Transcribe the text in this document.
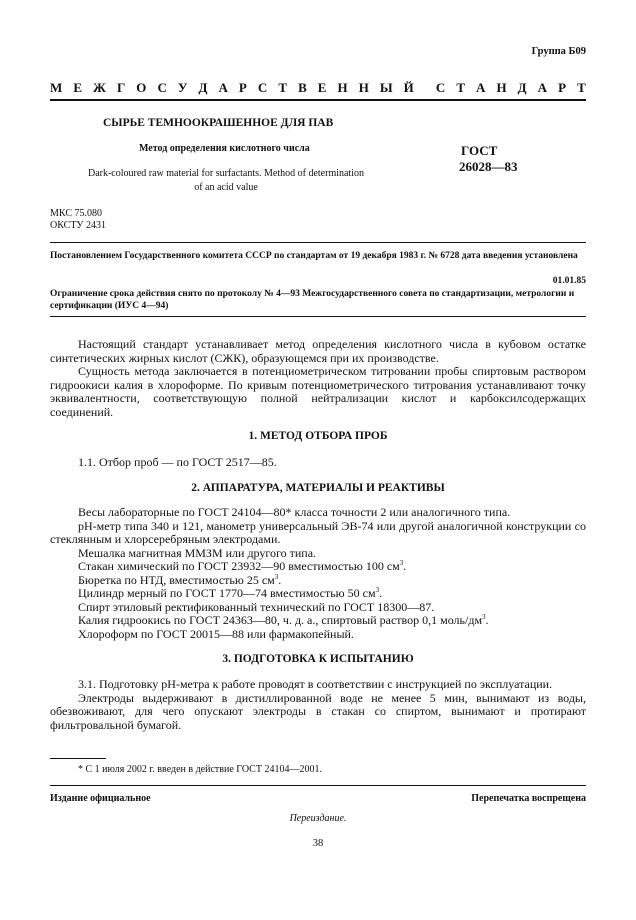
Группа Б09
М Е Ж Г О С У Д А Р С Т В Е Н Н Ы Й С Т А Н Д А Р Т
СЫРЬЕ ТЕМНООКРАШЕННОЕ ДЛЯ ПАВ
Метод определения кислотного числа
Dark-coloured raw material for surfactants. Method of determination
of an acid value
ГОСТ
26028—83
МКС 75.080
ОКСТУ 2431
Постановлением Государственного комитета СССР по стандартам от 19 декабря 1983 г. № 6728 дата введения установлена
01.01.85
Ограничение срока действия снято по протоколу № 4—93 Межгосударственного совета по стандартизации, метрологии и сертификации (ИУС 4—94)

Настоящий стандарт устанавливает метод определения кислотного числа в кубовом остатке синтетических жирных кислот (СЖК), образующемся при их производстве.

Сущность метода заключается в потенциометрическом титровании пробы спиртовым раствором гидроокиси калия в хлороформе. По кривым потенциометрического титрования устанавливают точку эквивалентности, соответствующую полной нейтрализации кислот и карбоксилсодержащих соединений.

1. МЕТОД ОТБОРА ПРОБ

1.1. Отбор проб — по ГОСТ 2517—85.

2. АППАРАТУРА, МАТЕРИАЛЫ И РЕАКТИВЫ

Весы лабораторные по ГОСТ 24104—80* класса точности 2 или аналогичного типа.

pH-метр типа 340 и 121, манометр универсальный ЭВ-74 или другой аналогичной конструкции со стеклянным и хлорсеребряным электродами.

Мешалка магнитная ММЗМ или другого типа.

Стакан химический по ГОСТ 23932—90 вместимостью 100 $см^3$.

Бюретка по НТД, вместимостью 25 $см^3$.

Цилиндр мерный по ГОСТ 1770—74 вместимостью 50 $см^3$.

Спирт этиловый ректификованный технический по ГОСТ 18300—87.

Калия гидроокись по ГОСТ 24363—80, ч. д. а., спиртовый раствор 0,1 моль/$дм^3$.

Хлороформ по ГОСТ 20015—88 или фармакопейный.

3. ПОДГОТОВКА К ИСПЫТАНИЮ

3.1. Подготовку pH-метра к работе проводят в соответствии с инструкцией по эксплуатации.

Электроды выдерживают в дистиллированной воде не менее 5 мин, вынимают из воды, обезвоживают, для чего опускают электроды в стакан со спиртом, вынимают и протирают фильтровальной бумагой.

* С 1 июля 2002 г. введен в действие ГОСТ 24104—2001.
Издание официальное	Перепечатка воспрещена
Переиздание.
38
